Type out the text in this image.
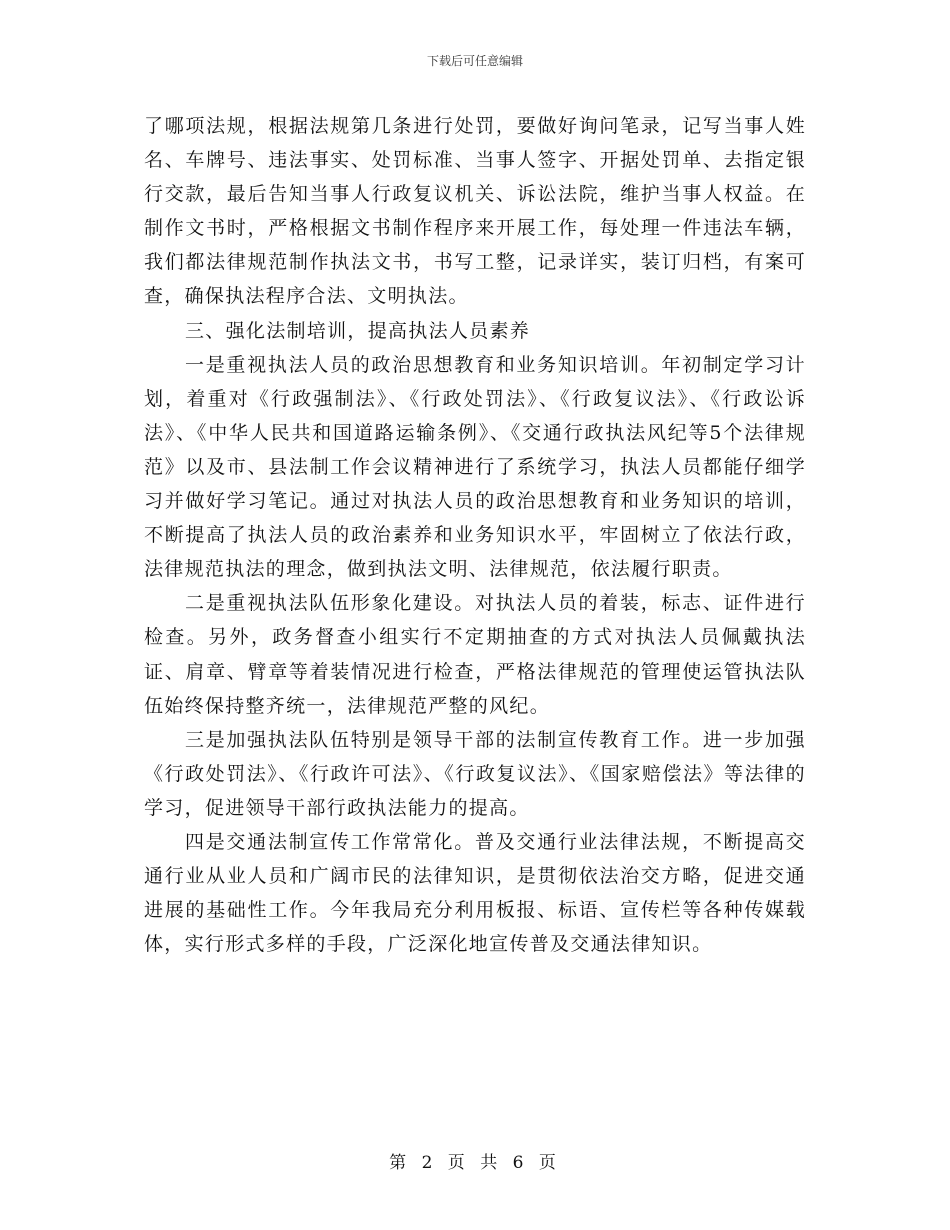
下载后可任意编辑

了哪项法规，根据法规第几条进行处罚，要做好询问笔录，记写当事人姓名、车牌号、违法事实、处罚标准、当事人签字、开据处罚单、去指定银行交款，最后告知当事人行政复议机关、诉讼法院，维护当事人权益。在制作文书时，严格根据文书制作程序来开展工作，每处理一件违法车辆，我们都法律规范制作执法文书，书写工整，记录详实，装订归档，有案可查，确保执法程序合法、文明执法。

三、强化法制培训，提高执法人员素养

一是重视执法人员的政治思想教育和业务知识培训。年初制定学习计划，着重对《行政强制法》、《行政处罚法》、《行政复议法》、《行政讼诉法》、《中华人民共和国道路运输条例》、《交通行政执法风纪等5个法律规范》以及市、县法制工作会议精神进行了系统学习，执法人员都能仔细学习并做好学习笔记。通过对执法人员的政治思想教育和业务知识的培训，不断提高了执法人员的政治素养和业务知识水平，牢固树立了依法行政，法律规范执法的理念，做到执法文明、法律规范，依法履行职责。

二是重视执法队伍形象化建设。对执法人员的着装，标志、证件进行检查。另外，政务督查小组实行不定期抽查的方式对执法人员佩戴执法证、肩章、臂章等着装情况进行检查，严格法律规范的管理使运管执法队伍始终保持整齐统一，法律规范严整的风纪。

三是加强执法队伍特别是领导干部的法制宣传教育工作。进一步加强《行政处罚法》、《行政许可法》、《行政复议法》、《国家赔偿法》等法律的学习，促进领导干部行政执法能力的提高。

四是交通法制宣传工作常常化。普及交通行业法律法规，不断提高交通行业从业人员和广阔市民的法律知识，是贯彻依法治交方略，促进交通进展的基础性工作。今年我局充分利用板报、标语、宣传栏等各种传媒载体，实行形式多样的手段，广泛深化地宣传普及交通法律知识。

第 2 页 共 6 页
